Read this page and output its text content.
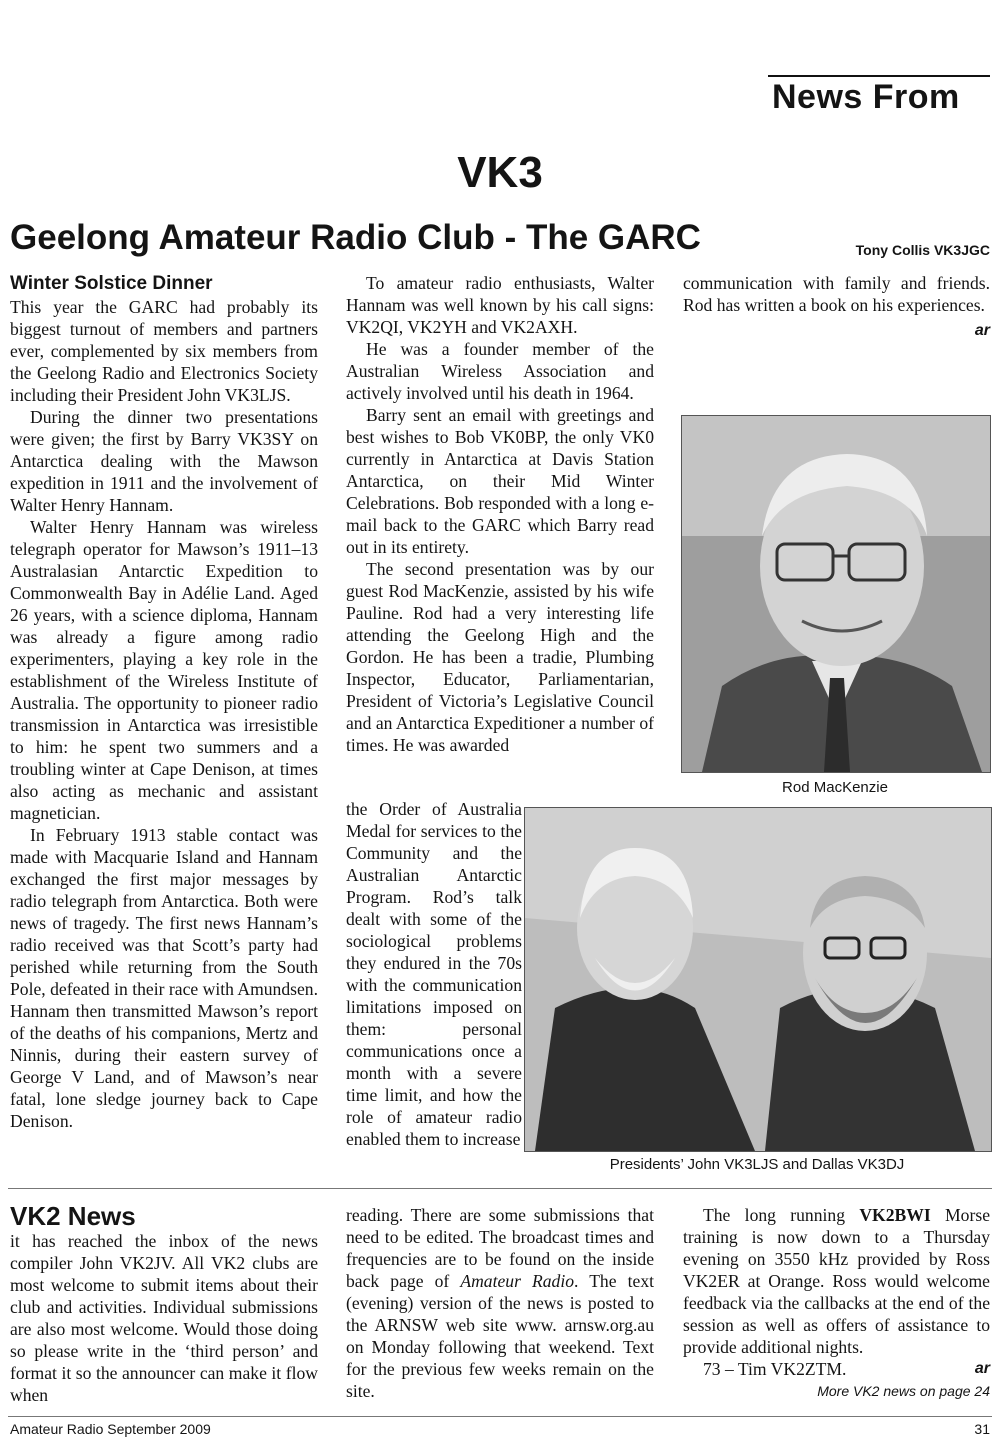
News From
VK3
Geelong Amateur Radio Club - The GARC	Tony Collis VK3JGC
Winter Solstice Dinner

This year the GARC had probably its biggest turnout of members and partners ever, complemented by six members from the Geelong Radio and Electronics Society including their President John VK3LJS.

During the dinner two presentations were given; the first by Barry VK3SY on Antarctica dealing with the Mawson expedition in 1911 and the involvement of Walter Henry Hannam.

Walter Henry Hannam was wireless telegraph operator for Mawson’s 1911–13 Australasian Antarctic Expedition to Commonwealth Bay in Adélie Land. Aged 26 years, with a science diploma, Hannam was already a figure among radio experimenters, playing a key role in the establishment of the Wireless Institute of Australia. The opportunity to pioneer radio transmission in Antarctica was irresistible to him: he spent two summers and a troubling winter at Cape Denison, at times also acting as mechanic and assistant magnetician.

In February 1913 stable contact was made with Macquarie Island and Hannam exchanged the first major messages by radio telegraph from Antarctica. Both were news of tragedy. The first news Hannam’s radio received was that Scott’s party had perished while returning from the South Pole, defeated in their race with Amundsen. Hannam then transmitted Mawson’s report of the deaths of his companions, Mertz and Ninnis, during their eastern survey of George V Land, and of Mawson’s near fatal, lone sledge journey back to Cape Denison.

To amateur radio enthusiasts, Walter Hannam was well known by his call signs: VK2QI, VK2YH and VK2AXH.

He was a founder member of the Australian Wireless Association and actively involved until his death in 1964.

Barry sent an email with greetings and best wishes to Bob VK0BP, the only VK0 currently in Antarctica at Davis Station Antarctica, on their Mid Winter Celebrations. Bob responded with a long e-mail back to the GARC which Barry read out in its entirety.

The second presentation was by our guest Rod MacKenzie, assisted by his wife Pauline. Rod had a very interesting life attending the Geelong High and the Gordon. He has been a tradie, Plumbing Inspector, Educator, Parliamentarian, President of Victoria’s Legislative Council and an Antarctica Expeditioner a number of times. He was awarded

the Order of Australia Medal for services to the Community and the Australian Antarctic Program. Rod’s talk dealt with some of the sociological problems they endured in the 70s with the communication limitations imposed on them: personal communications once a month with a severe time limit, and how the role of amateur radio enabled them to increase

communication with family and friends. Rod has written a book on his experiences.

ar
Rod MacKenzie
Presidents’ John VK3LJS and Dallas VK3DJ
VK2 News

it has reached the inbox of the news compiler John VK2JV. All VK2 clubs are most welcome to submit items about their club and activities. Individual submissions are also most welcome. Would those doing so please write in the ‘third person’ and format it so the announcer can make it flow when

reading. There are some submissions that need to be edited. The broadcast times and frequencies are to be found on the inside back page of Amateur Radio. The text (evening) version of the news is posted to the ARNSW web site www. arnsw.org.au on Monday following that weekend. Text for the previous few weeks remain on the site.

The long running VK2BWI Morse training is now down to a Thursday evening on 3550 kHz provided by Ross VK2ER at Orange. Ross would welcome feedback via the callbacks at the end of the session as well as offers of assistance to provide additional nights.

73 – Tim VK2ZTM.	ar
More VK2 news on page 24
Amateur Radio September 2009	31
